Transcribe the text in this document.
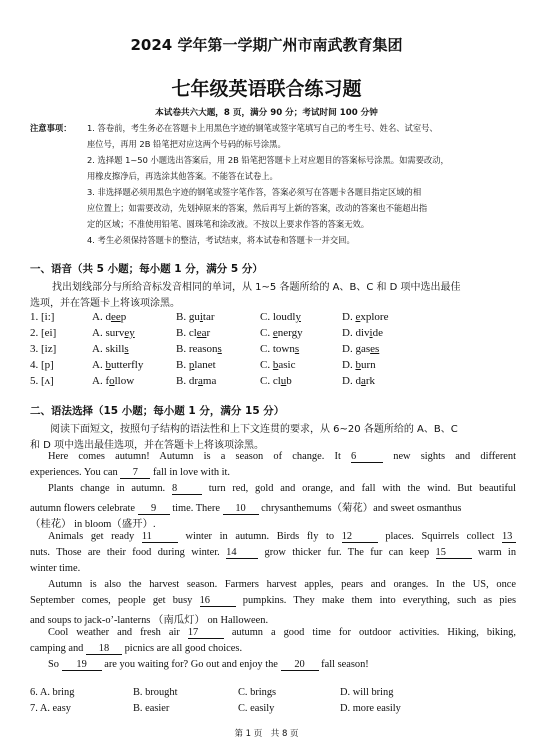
2024 学年第一学期广州市南武教育集团
七年级英语联合练习题
本试卷共六大题，8 页，满分 90 分；考试时间 100 分钟
注意事项： 1. 答卷前，考生务必在答题卡上用黑色字迹的钢笔或签字笔填写自己的考生号、姓名、试室号、
座位号，再用 2B 铅笔把对应这两个号码的标号涂黑。
2. 选择题 1~50 小题选出答案后，用 2B 铅笔把答题卡上对应题目的答案标号涂黑。如需要改动，
用橡皮擦净后，再选涂其他答案。不能答在试卷上。
3. 非选择题必须用黑色字迹的钢笔或签字笔作答，答案必须写在答题卡各题目指定区域的相
应位置上；如需要改动，先划掉原来的答案，然后再写上新的答案，改动的答案也不能超出指
定的区域；不准使用铅笔、圆珠笔和涂改液。不按以上要求作答的答案无效。
4. 考生必须保持答题卡的整洁，考试结束，将本试卷和答题卡一并交回。
一、语音（共 5 小题；每小题 1 分，满分 5 分）
找出划线部分与所给音标发音相同的单词，从 1~5 各题所给的 A、B、C 和 D 项中选出最佳
选项，并在答题卡上将该项涂黑。
1. [i:]	A. deep	B. guitar	C. loudly	D. explore
2. [ei]	A. survey	B. clear	C. energy	D. divide
3. [iz]	A. skills	B. reasons	C. towns	D. gases
4. [p]	A. butterfly	B. planet	C. basic	D. burn
5. [ʌ]	A. follow	B. drama	C. club	D. dark
二、语法选择（15 小题；每小题 1 分，满分 15 分）
阅读下面短文，按照句子结构的语法性和上下文连贯的要求，从 6~20 各题所给的 A、B、C
和 D 项中选出最佳选项，并在答题卡上将该项涂黑。
Here comes autumn! Autumn is a season of change. It 6	new sights and different
experiences. You can 7 fall in love with it.
Plants change in autumn. 8	turn red, gold and orange, and fall with the wind. But beautiful
autumn flowers celebrate 9 time. There 10 chrysanthemums（菊花）and sweet osmanthus
（桂花） in bloom（盛开）.
Animals get ready 11	winter in autumn. Birds fly to 12	places. Squirrels collect 13
nuts. Those are their food during winter. 14	grow thicker fur. The fur can keep 15	warm in
winter time.
Autumn is also the harvest season. Farmers harvest apples, pears and oranges. In the US, once
September comes, people get busy 16	pumpkins. They make them into everything, such as pies
and soups to jack-o’-lanterns （南瓜灯） on Halloween.
Cool weather and fresh air 17	autumn a good time for outdoor activities. Hiking, biking,
camping and 18 picnics are all good choices.
So 19 are you waiting for? Go out and enjoy the 20 fall season!
6. A. bring	B. brought	C. brings	D. will bring
7. A. easy	B. easier	C. easily	D. more easily
第 1 页　共 8 页
